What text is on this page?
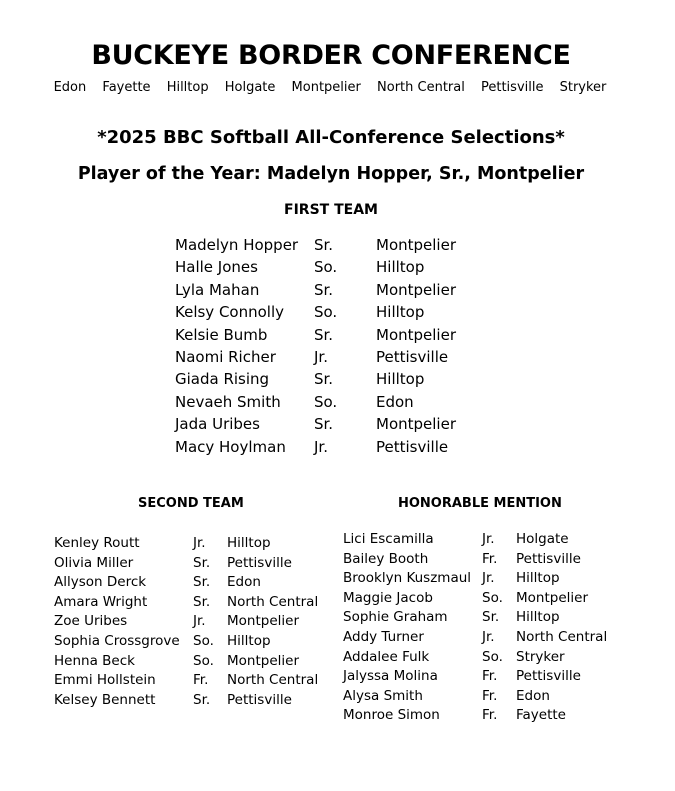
BUCKEYE BORDER CONFERENCE
Edon Fayette Hilltop Holgate Montpelier North Central Pettisville Stryker
*2025 BBC Softball All-Conference Selections*
Player of the Year: Madelyn Hopper, Sr., Montpelier
FIRST TEAM
Madelyn Hopper Sr.	Montpelier
Halle Jones	So.	Hilltop
Lyla Mahan	Sr.	Montpelier
Kelsy Connolly So.	Hilltop
Kelsie Bumb	Sr.	Montpelier
Naomi Richer	Jr.	Pettisville
Giada Rising	Sr.	Hilltop
Nevaeh Smith So.	Edon
Jada Uribes	Sr.	Montpelier
Macy Hoylman Jr.	Pettisville
SECOND TEAM	HONORABLE MENTION
Kenley Routt	Jr. Hilltop
Olivia Miller	Sr. Pettisville
Allyson Derck	Sr. Edon
Amara Wright	Sr. North Central
Zoe Uribes	Jr. Montpelier
Sophia Crossgrove So. Hilltop
Henna Beck	So. Montpelier
Emmi Hollstein	Fr. North Central
Kelsey Bennett	Sr. Pettisville
Lici Escamilla	Jr. Holgate
Bailey Booth	Fr. Pettisville
Brooklyn Kuszmaul Jr. Hilltop
Maggie Jacob	So. Montpelier
Sophie Graham	Sr. Hilltop
Addy Turner	Jr. North Central
Addalee Fulk	So. Stryker
Jalyssa Molina	Fr. Pettisville
Alysa Smith	Fr. Edon
Monroe Simon	Fr. Fayette
